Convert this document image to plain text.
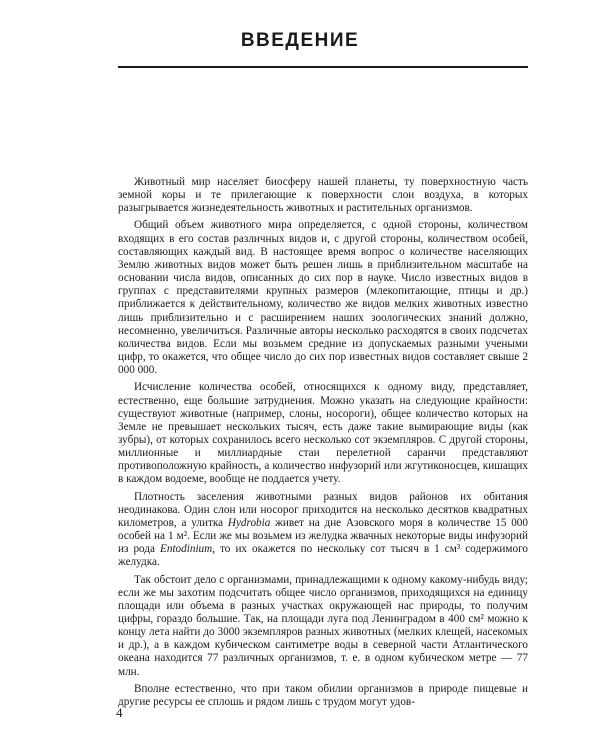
ВВЕДЕНИЕ

Животный мир населяет биосферу нашей планеты, ту поверхностную часть земной коры и те прилегающие к поверхности слои воздуха, в которых разыгрывается жизнедеятельность животных и растительных организмов.

Общий объем животного мира определяется, с одной стороны, количеством входящих в его состав различных видов и, с другой стороны, количеством особей, составляющих каждый вид. В настоящее время вопрос о количестве населяющих Землю животных видов может быть решен лишь в приблизительном масштабе на основании числа видов, описанных до сих пор в науке. Число известных видов в группах с представителями крупных размеров (млекопитающие, птицы и др.) приближается к действительному, количество же видов мелких животных известно лишь приблизительно и с расширением наших зоологических знаний должно, несомненно, увеличиться. Различные авторы несколько расходятся в своих подсчетах количества видов. Если мы возьмем средние из допускаемых разными учеными цифр, то окажется, что общее число до сих пор известных видов составляет свыше 2 000 000.

Исчисление количества особей, относящихся к одному виду, представляет, естественно, еще большие затруднения. Можно указать на следующие крайности: существуют животные (например, слоны, носороги), общее количество которых на Земле не превышает нескольких тысяч, есть даже такие вымирающие виды (как зубры), от которых сохранилось всего несколько сот экземпляров. С другой стороны, миллионные и миллиардные стаи перелетной саранчи представляют противоположную крайность, а количество инфузорий или жгутиконосцев, кишащих в каждом водоеме, вообще не поддается учету.

Плотность заселения животными разных видов районов их обитания неодинакова. Один слон или носорог приходится на несколько десятков квадратных километров, а улитка Hydrobia живет на дне Азовского моря в количестве 15 000 особей на 1 м². Если же мы возьмем из желудка жвачных некоторые виды инфузорий из рода Entodinium, то их окажется по нескольку сот тысяч в 1 см³ содержимого желудка.

Так обстоит дело с организмами, принадлежащими к одному какому-нибудь виду; если же мы захотим подсчитать общее число организмов, приходящихся на единицу площади или объема в разных участках окружающей нас природы, то получим цифры, гораздо большие. Так, на площади луга под Ленинградом в 400 см² можно к концу лета найти до 3000 экземпляров разных животных (мелких клещей, насекомых и др.), а в каждом кубическом сантиметре воды в северной части Атлантического океана находится 77 различных организмов, т. е. в одном кубическом метре — 77 млн.

Вполне естественно, что при таком обилии организмов в природе пищевые и другие ресурсы ее сплошь и рядом лишь с трудом могут удов-

4
